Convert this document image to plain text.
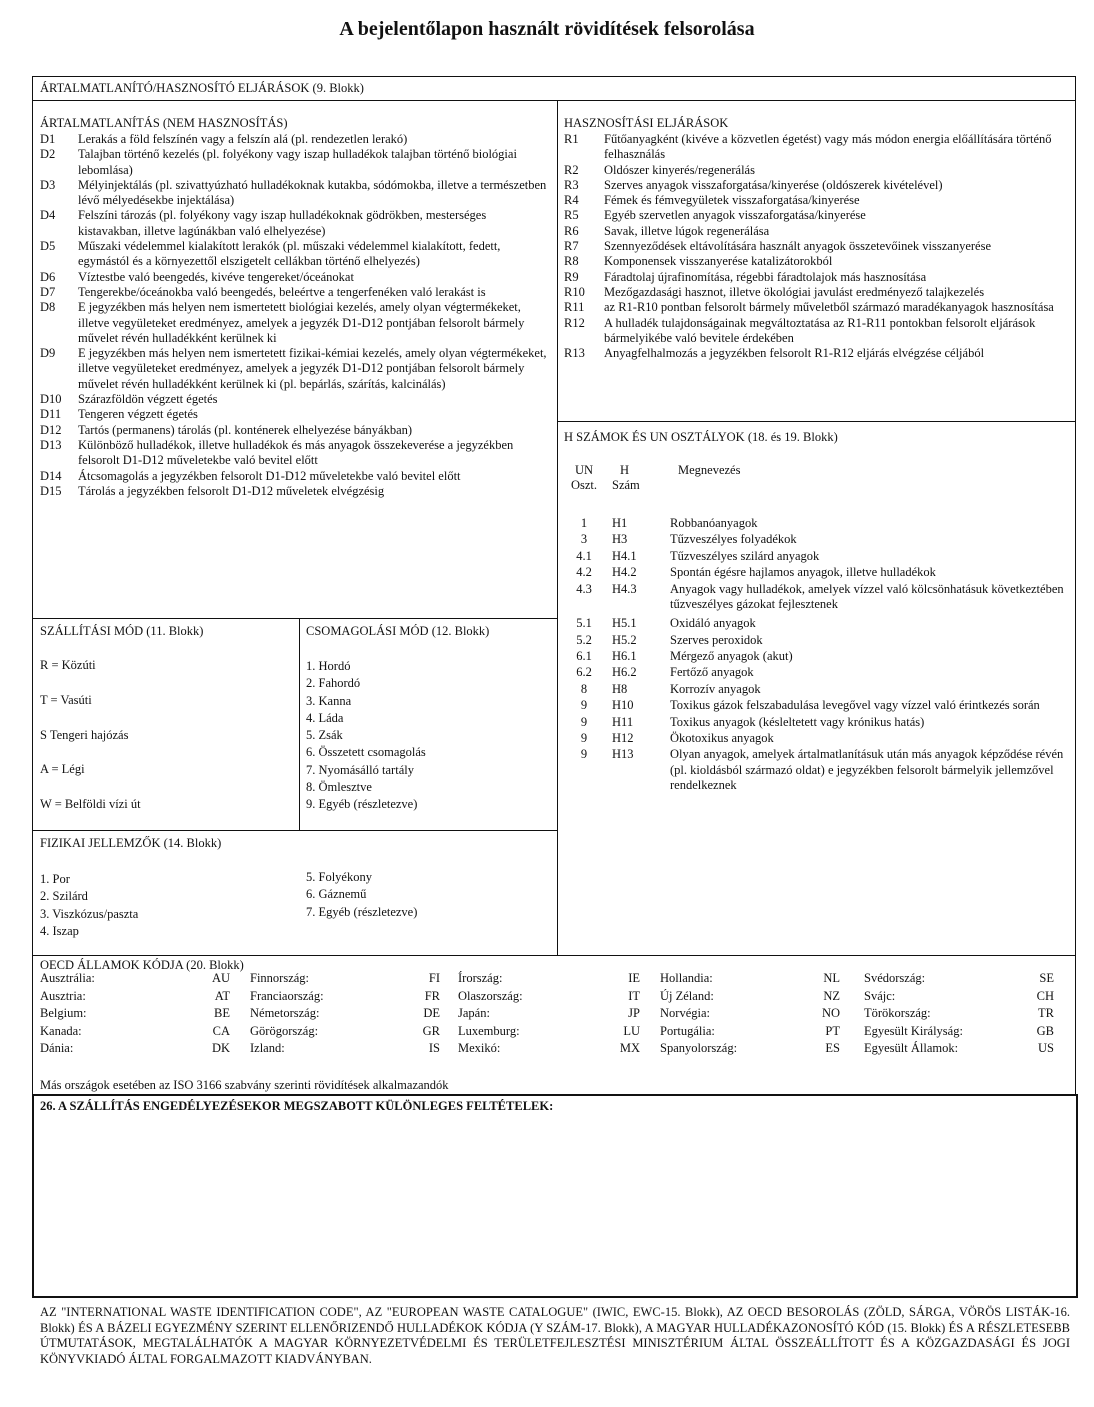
A bejelentőlapon használt rövidítések felsorolása
ÁRTALMATLANÍTÓ/HASZNOSÍTÓ ELJÁRÁSOK (9. Blokk)
ÁRTALMATLANÍTÁS (NEM HASZNOSÍTÁS)
D1	Lerakás a föld felszínén vagy a felszín alá (pl. rendezetlen lerakó)
D2	Talajban történő kezelés (pl. folyékony vagy iszap hulladékok talajban történő biológiai lebomlása)
D3	Mélyinjektálás (pl. szivattyúzható hulladékoknak kutakba, sódómokba, illetve a természetben lévő mélyedésekbe injektálása)
D4	Felszíni tározás (pl. folyékony vagy iszap hulladékoknak gödrökben, mesterséges kistavakban, illetve lagúnákban való elhelyezése)
D5	Műszaki védelemmel kialakított lerakók (pl. műszaki védelemmel kialakított, fedett, egymástól és a környezettől elszigetelt cellákban történő elhelyezés)
D6	Víztestbe való beengedés, kivéve tengereket/óceánokat
D7	Tengerekbe/óceánokba való beengedés, beleértve a tengerfenéken való lerakást is
D8	E jegyzékben más helyen nem ismertetett biológiai kezelés, amely olyan végtermékeket, illetve vegyületeket eredményez, amelyek a jegyzék D1-D12 pontjában felsorolt bármely művelet révén hulladékként kerülnek ki
D9	E jegyzékben más helyen nem ismertetett fizikai-kémiai kezelés, amely olyan végtermékeket, illetve vegyületeket eredményez, amelyek a jegyzék D1-D12 pontjában felsorolt bármely művelet révén hulladékként kerülnek ki (pl. bepárlás, szárítás, kalcinálás)
D10	Szárazföldön végzett égetés
D11	Tengeren végzett égetés
D12	Tartós (permanens) tárolás (pl. konténerek elhelyezése bányákban)
D13	Különböző hulladékok, illetve hulladékok és más anyagok összekeverése a jegyzékben felsorolt D1-D12 műveletekbe való bevitel előtt
D14	Átcsomagolás a jegyzékben felsorolt D1-D12 műveletekbe való bevitel előtt
D15	Tárolás a jegyzékben felsorolt D1-D12 műveletek elvégzésig
HASZNOSÍTÁSI ELJÁRÁSOK
R1	Fűtőanyagként (kivéve a közvetlen égetést) vagy más módon energia előállítására történő felhasználás
R2	Oldószer kinyerés/regenerálás
R3	Szerves anyagok visszaforgatása/kinyerése (oldószerek kivételével)
R4	Fémek és fémvegyületek visszaforgatása/kinyerése
R5	Egyéb szervetlen anyagok visszaforgatása/kinyerése
R6	Savak, illetve lúgok regenerálása
R7	Szennyeződések eltávolítására használt anyagok összetevőinek visszanyerése
R8	Komponensek visszanyerése katalizátorokból
R9	Fáradtolaj újrafinomítása, régebbi fáradtolajok más hasznosítása
R10	Mezőgazdasági hasznot, illetve ökológiai javulást eredményező talajkezelés
R11	az R1-R10 pontban felsorolt bármely műveletből származó maradékanyagok hasznosítása
R12	A hulladék tulajdonságainak megváltoztatása az R1-R11 pontokban felsorolt eljárások bármelyikébe való bevitele érdekében
R13	Anyagfelhalmozás a jegyzékben felsorolt R1-R12 eljárás elvégzése céljából
H SZÁMOK ÉS UN OSZTÁLYOK (18. és 19. Blokk)
UN	H	Megnevezés
Oszt.	Szám
1	H1	Robbanóanyagok
3	H3	Tűzveszélyes folyadékok
4.1	H4.1	Tűzveszélyes szilárd anyagok
4.2	H4.2	Spontán égésre hajlamos anyagok, illetve hulladékok
4.3	H4.3	Anyagok vagy hulladékok, amelyek vízzel való kölcsönhatásuk következtében tűzveszélyes gázokat fejlesztenek
5.1	H5.1	Oxidáló anyagok
5.2	H5.2	Szerves peroxidok
6.1	H6.1	Mérgező anyagok (akut)
6.2	H6.2	Fertőző anyagok
8	H8	Korrozív anyagok
9	H10	Toxikus gázok felszabadulása levegővel vagy vízzel való érintkezés során
9	H11	Toxikus anyagok (késleltetett vagy krónikus hatás)
9	H12	Ökotoxikus anyagok
9	H13	Olyan anyagok, amelyek ártalmatlanításuk után más anyagok képződése révén (pl. kioldásból származó oldat) e jegyzékben felsorolt bármelyik jellemzővel rendelkeznek
SZÁLLÍTÁSI MÓD (11. Blokk)
R = Közúti
T = Vasúti
S Tengeri hajózás
A = Légi
W = Belföldi vízi út
CSOMAGOLÁSI MÓD (12. Blokk)
1. Hordó
2. Fahordó
3. Kanna
4. Láda
5. Zsák
6. Összetett csomagolás
7. Nyomásálló tartály
8. Ömlesztve
9. Egyéb (részletezve)
FIZIKAI JELLEMZŐK (14. Blokk)
1. Por
2. Szilárd
3. Viszkózus/paszta
4. Iszap
5. Folyékony
6. Gáznemű
7. Egyéb (részletezve)
OECD ÁLLAMOK KÓDJA (20. Blokk)
Ausztrália:	AU
Ausztria:	AT
Belgium:	BE
Kanada:	CA
Dánia:	DK
Finnország:	FI
Franciaország:	FR
Németország:	DE
Görögország:	GR
Izland:	IS
Írország:	IE
Olaszország:	IT
Japán:	JP
Luxemburg:	LU
Mexikó:	MX
Hollandia:	NL
Új Zéland:	NZ
Norvégia:	NO
Portugália:	PT
Spanyolország:	ES
Svédország:	SE
Svájc:	CH
Törökország:	TR
Egyesült Királyság:	GB
Egyesült Államok:	US
Más országok esetében az ISO 3166 szabvány szerinti rövidítések alkalmazandók
26. A SZÁLLÍTÁS ENGEDÉLYEZÉSEKOR MEGSZABOTT KÜLÖNLEGES FELTÉTELEK:
AZ "INTERNATIONAL WASTE IDENTIFICATION CODE", AZ "EUROPEAN WASTE CATALOGUE" (IWIC, EWC-15. Blokk), AZ OECD BESOROLÁS (ZÖLD, SÁRGA, VÖRÖS LISTÁK-16. Blokk) ÉS A BÁZELI EGYEZMÉNY SZERINT ELLENŐRIZENDŐ HULLADÉKOK KÓDJA (Y SZÁM-17. Blokk), A MAGYAR HULLADÉKAZONOSÍTÓ KÓD (15. Blokk) ÉS A RÉSZLETESEBB ÚTMUTATÁSOK, MEGTALÁLHATÓK A MAGYAR KÖRNYEZETVÉDELMI ÉS TERÜLETFEJLESZTÉSI MINISZTÉRIUM ÁLTAL ÖSSZEÁLLÍTOTT ÉS A KÖZGAZDASÁGI ÉS JOGI KÖNYVKIADÓ ÁLTAL FORGALMAZOTT KIADVÁNYBAN.
